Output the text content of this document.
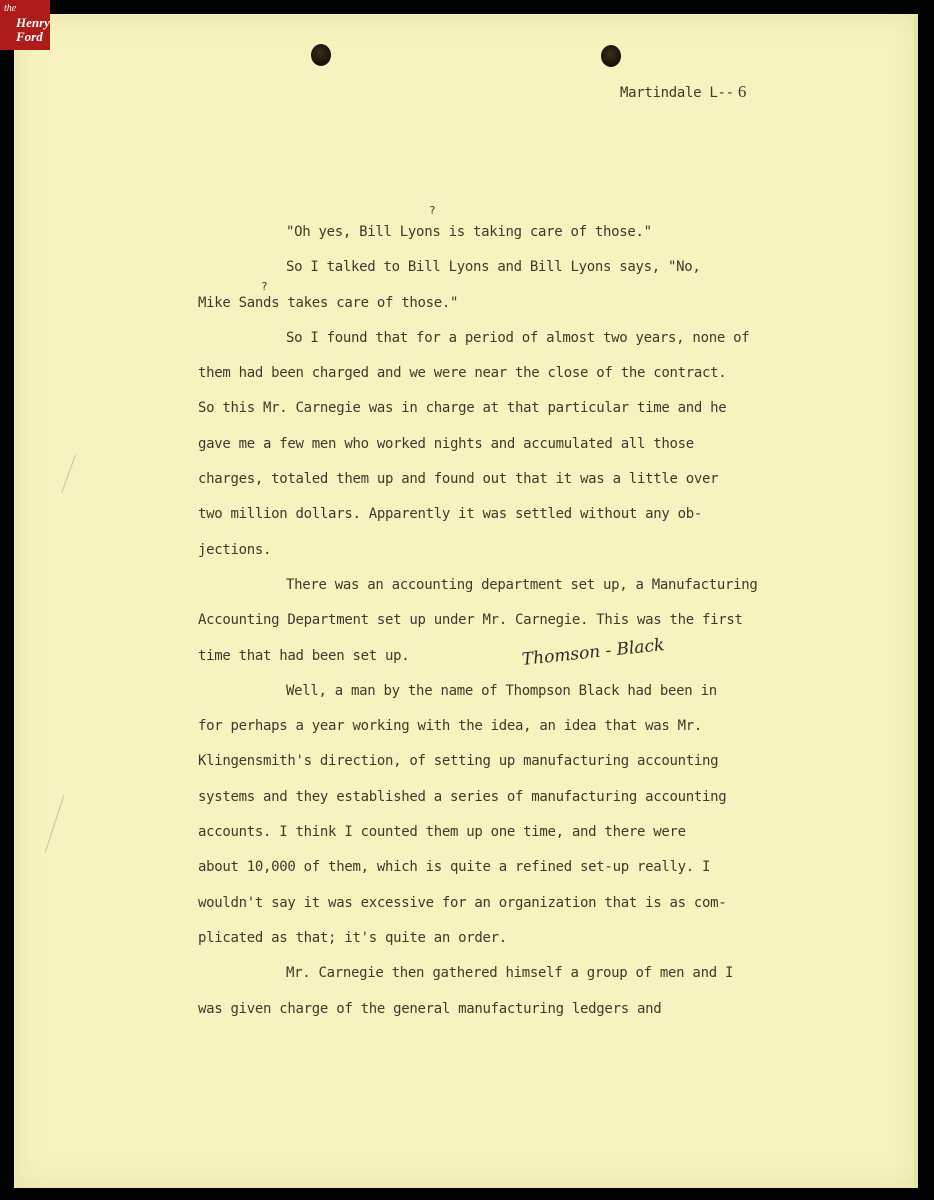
Martindale L-- 6
?
?
Thomson - Black
"Oh yes, Bill Lyons is taking care of those."
So I talked to Bill Lyons and Bill Lyons says, "No,
Mike Sands takes care of those."
So I found that for a period of almost two years, none of
them had been charged and we were near the close of the contract.
So this Mr. Carnegie was in charge at that particular time and he
gave me a few men who worked nights and accumulated all those
charges, totaled them up and found out that it was a little over
two million dollars. Apparently it was settled without any ob-
jections.
There was an accounting department set up, a Manufacturing
Accounting Department set up under Mr. Carnegie. This was the first
time that had been set up.
Well, a man by the name of Thompson Black had been in
for perhaps a year working with the idea, an idea that was Mr.
Klingensmith's direction, of setting up manufacturing accounting
systems and they established a series of manufacturing accounting
accounts. I think I counted them up one time, and there were
about 10,000 of them, which is quite a refined set-up really. I
wouldn't say it was excessive for an organization that is as com-
plicated as that; it's quite an order.
Mr. Carnegie then gathered himself a group of men and I
was given charge of the general manufacturing ledgers and
the
Henry
Ford
